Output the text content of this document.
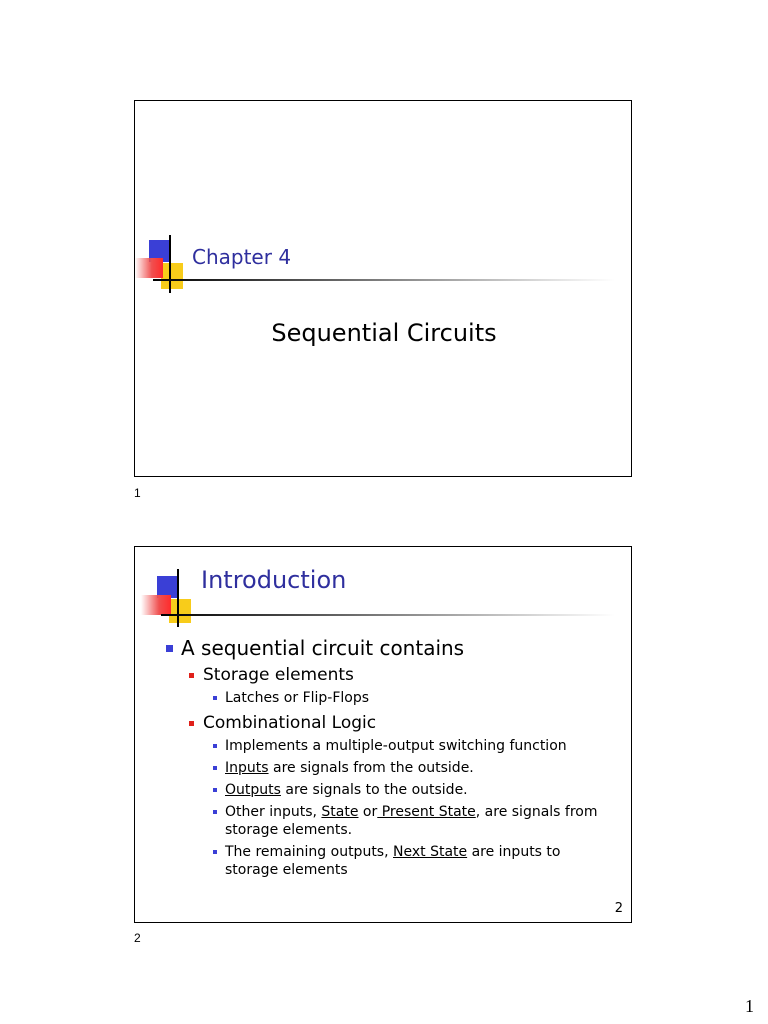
Chapter 4
Sequential Circuits

1

Introduction
A sequential circuit contains
Storage elements
Latches or Flip-Flops
Combinational Logic
Implements a multiple-output switching function
Inputs are signals from the outside.
Outputs are signals to the outside.
Other inputs, State or Present State, are signals from storage elements.
The remaining outputs, Next State are inputs to storage elements

2

2

1
